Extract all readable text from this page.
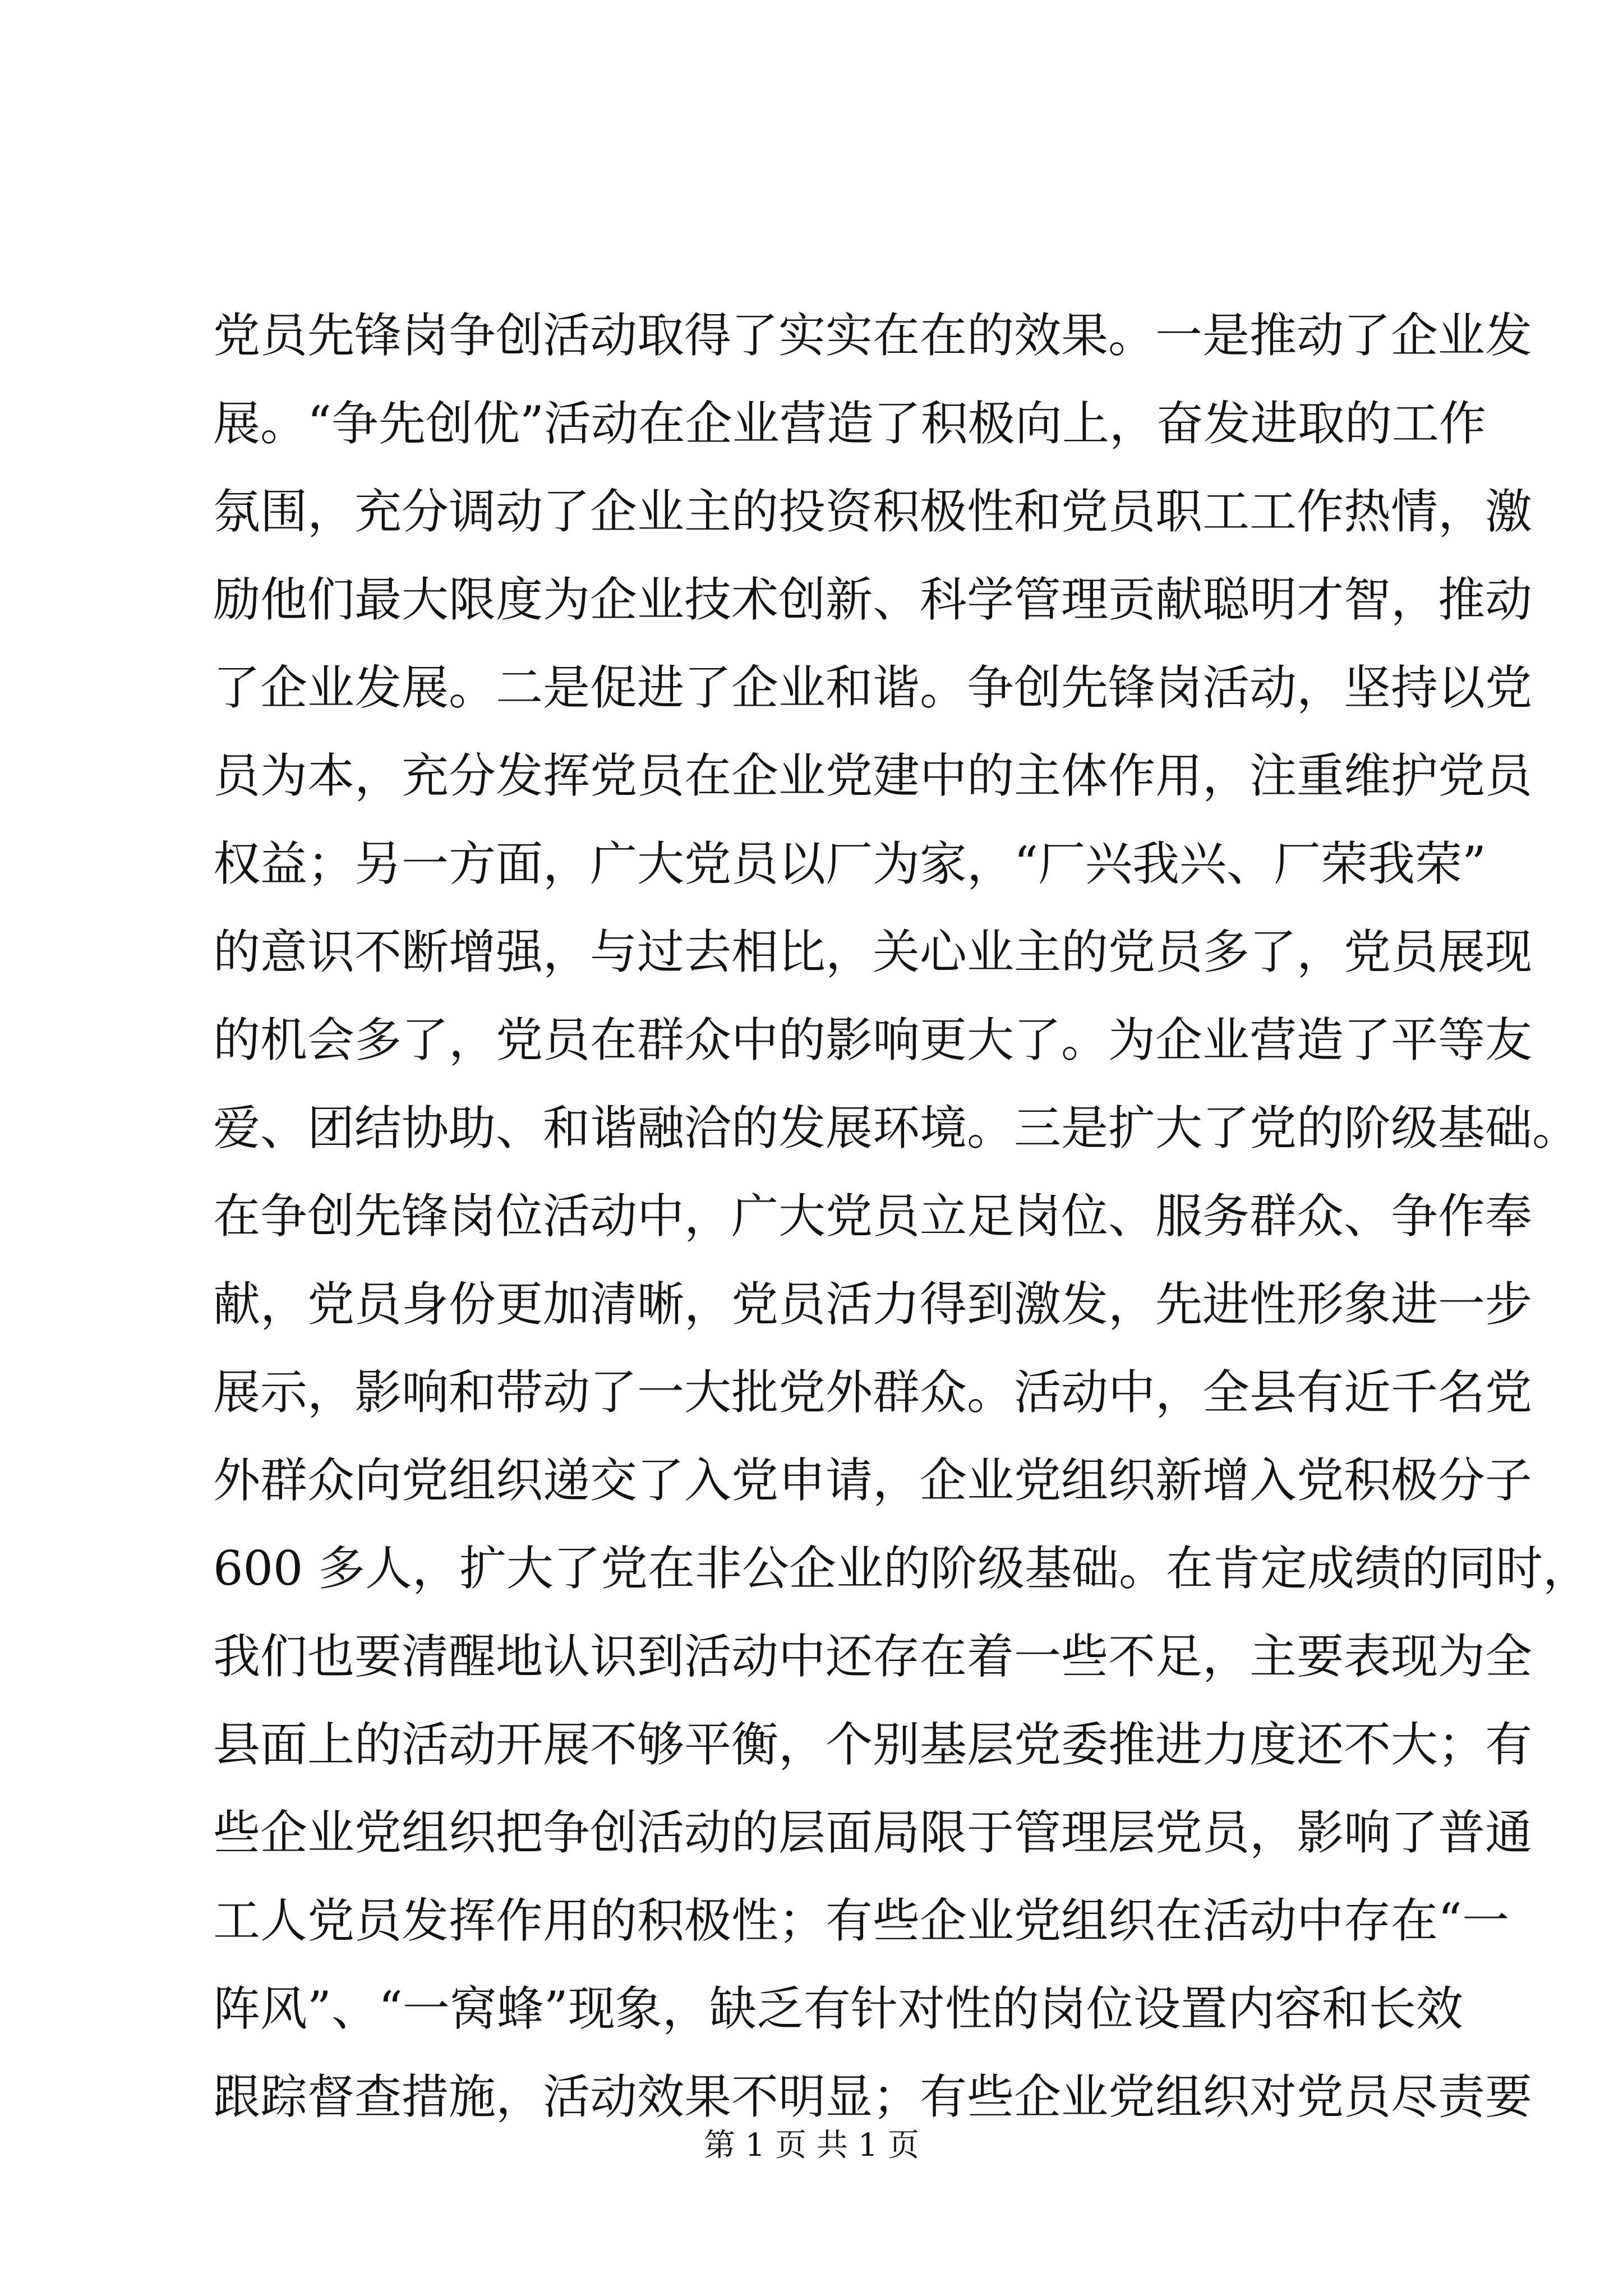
党员先锋岗争创活动取得了实实在在的效果。一是推动了企业发
展。“争先创优”活动在企业营造了积极向上，奋发进取的工作
氛围，充分调动了企业主的投资积极性和党员职工工作热情，激
励他们最大限度为企业技术创新、科学管理贡献聪明才智，推动
了企业发展。二是促进了企业和谐。争创先锋岗活动，坚持以党
员为本，充分发挥党员在企业党建中的主体作用，注重维护党员
权益；另一方面，广大党员以厂为家，“厂兴我兴、厂荣我荣”
的意识不断增强，与过去相比，关心业主的党员多了，党员展现
的机会多了，党员在群众中的影响更大了。为企业营造了平等友
爱、团结协助、和谐融洽的发展环境。三是扩大了党的阶级基础。
在争创先锋岗位活动中，广大党员立足岗位、服务群众、争作奉
献，党员身份更加清晰，党员活力得到激发，先进性形象进一步
展示，影响和带动了一大批党外群众。活动中，全县有近千名党
外群众向党组织递交了入党申请，企业党组织新增入党积极分子
600 多人，扩大了党在非公企业的阶级基础。在肯定成绩的同时，
我们也要清醒地认识到活动中还存在着一些不足，主要表现为全
县面上的活动开展不够平衡，个别基层党委推进力度还不大；有
些企业党组织把争创活动的层面局限于管理层党员，影响了普通
工人党员发挥作用的积极性；有些企业党组织在活动中存在“一
阵风”、“一窝蜂”现象，缺乏有针对性的岗位设置内容和长效
跟踪督查措施，活动效果不明显；有些企业党组织对党员尽责要
第 1 页 共 1 页
